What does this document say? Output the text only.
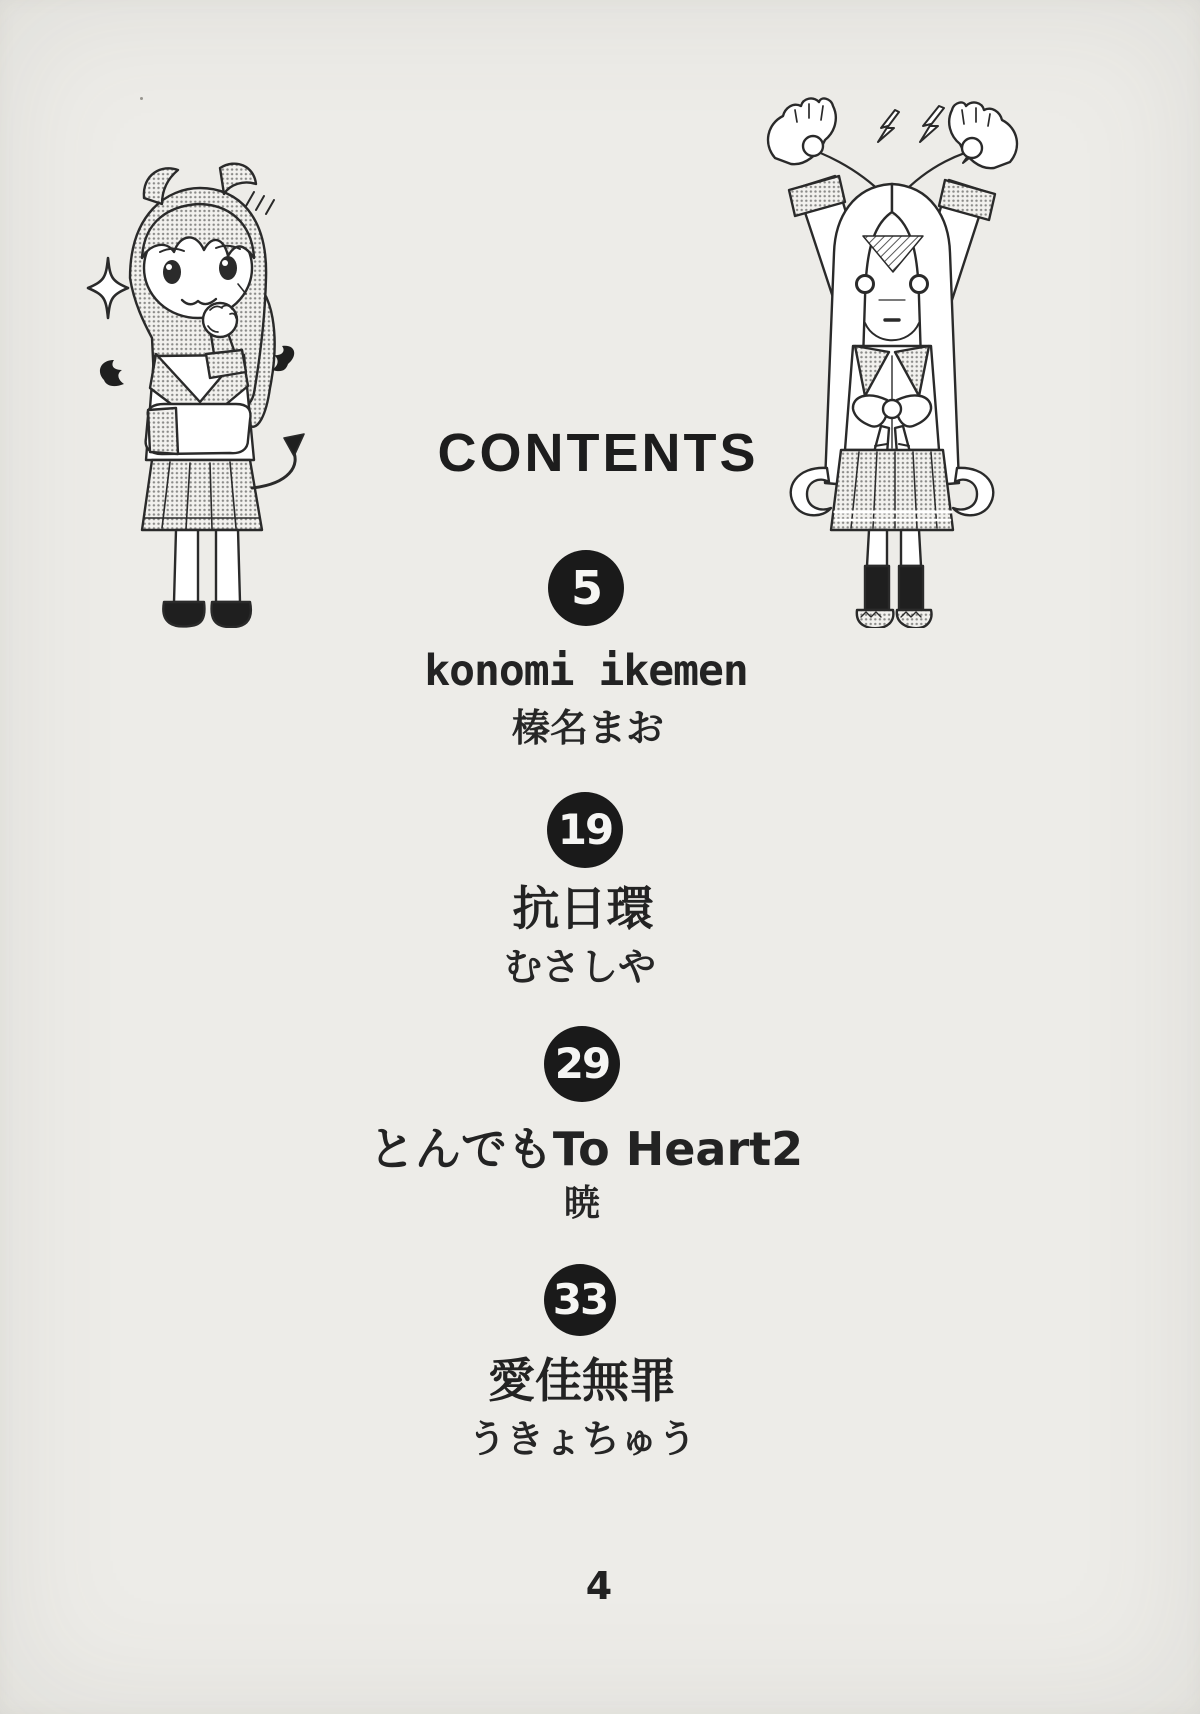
CONTENTS
5
konomi ikemen
榛名まお
19
抗日環
むさしや
29
とんでもTo Heart2
暁
33
愛佳無罪
うきょちゅう
4
